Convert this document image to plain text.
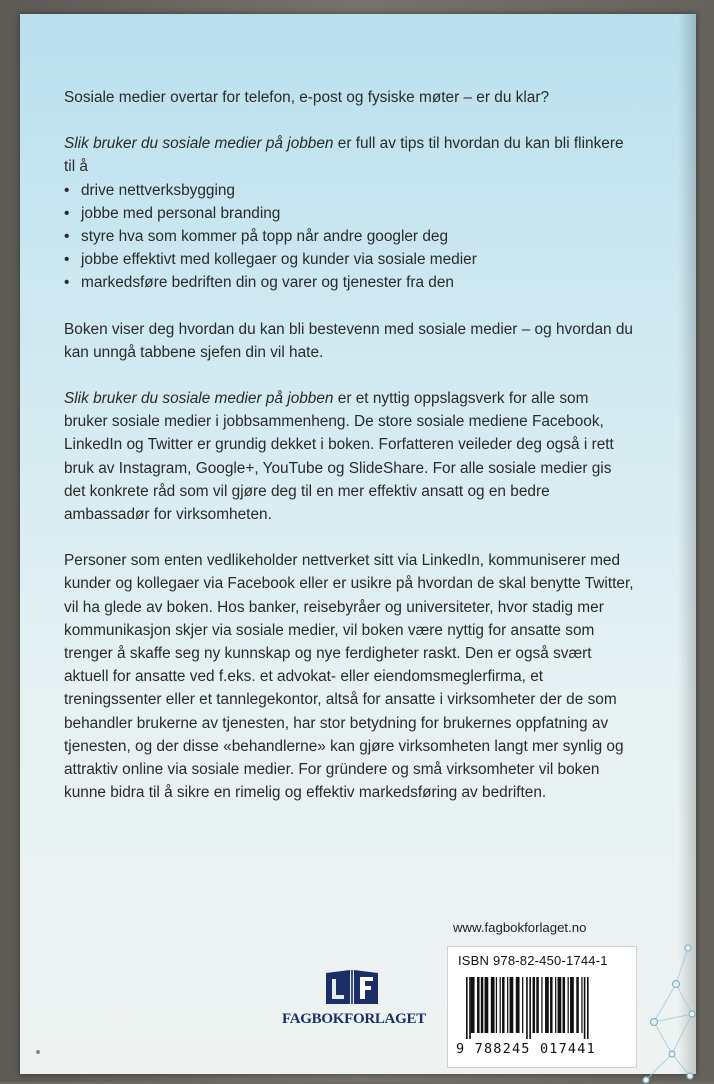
Sosiale medier overtar for telefon, e-post og fysiske møter – er du klar?

Slik bruker du sosiale medier på jobben er full av tips til hvordan du kan bli flinkere til å

• drive nettverksbygging
• jobbe med personal branding
• styre hva som kommer på topp når andre googler deg
• jobbe effektivt med kollegaer og kunder via sosiale medier
• markedsføre bedriften din og varer og tjenester fra den

Boken viser deg hvordan du kan bli bestevenn med sosiale medier – og hvordan du kan unngå tabbene sjefen din vil hate.

Slik bruker du sosiale medier på jobben er et nyttig oppslagsverk for alle som bruker sosiale medier i jobbsammenheng. De store sosiale mediene Facebook, LinkedIn og Twitter er grundig dekket i boken. Forfatteren veileder deg også i rett bruk av Instagram, Google+, YouTube og SlideShare. For alle sosiale medier gis det konkrete råd som vil gjøre deg til en mer effektiv ansatt og en bedre ambassadør for virksomheten.

Personer som enten vedlikeholder nettverket sitt via LinkedIn, kommuniserer med kunder og kollegaer via Facebook eller er usikre på hvordan de skal benytte Twitter, vil ha glede av boken. Hos banker, reisebyråer og universiteter, hvor stadig mer kommunikasjon skjer via sosiale medier, vil boken være nyttig for ansatte som trenger å skaffe seg ny kunnskap og nye ferdigheter raskt. Den er også svært aktuell for ansatte ved f.eks. et advokat- eller eiendomsmeglerfirma, et treningssenter eller et tannlegekontor, altså for ansatte i virksomheter der de som behandler brukerne av tjenesten, har stor betydning for brukernes oppfatning av tjenesten, og der disse «behandlerne» kan gjøre virksomheten langt mer synlig og attraktiv online via sosiale medier. For gründere og små virksomheter vil boken kunne bidra til å sikre en rimelig og effektiv markedsføring av bedriften.

www.fagbokforlaget.no
FAGBOKFORLAGET
ISBN 978-82-450-1744-1
9 788245 017441
